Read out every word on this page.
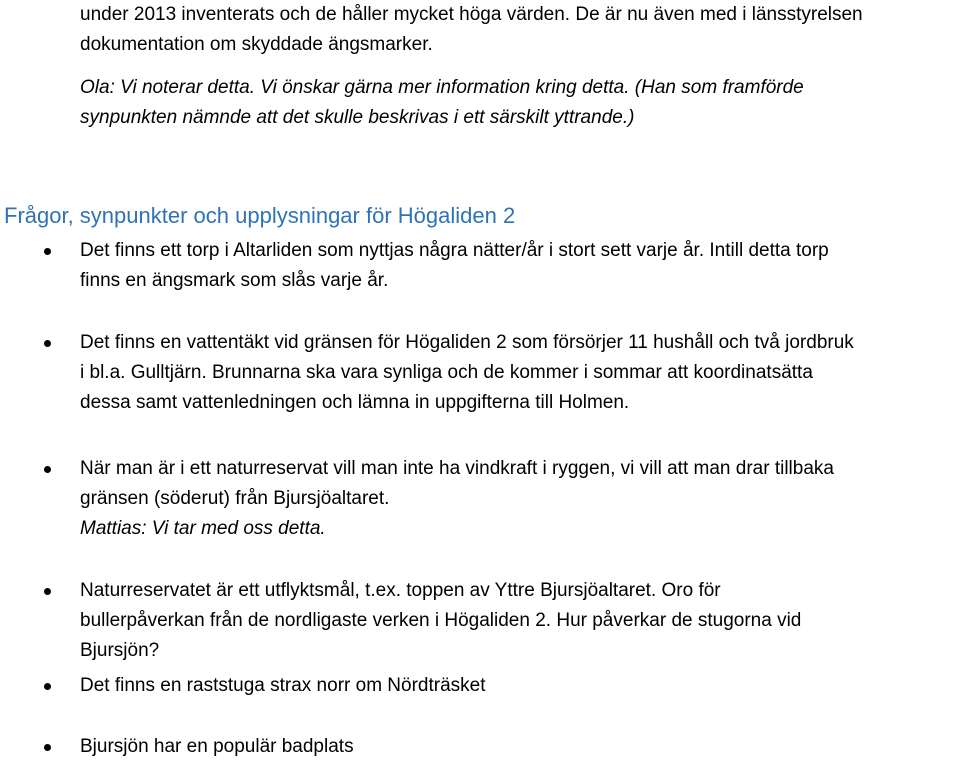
under 2013 inventerats och de håller mycket höga värden. De är nu även med i länsstyrelsen
dokumentation om skyddade ängsmarker.
Ola: Vi noterar detta. Vi önskar gärna mer information kring detta. (Han som framförde
synpunkten nämnde att det skulle beskrivas i ett särskilt yttrande.)
Frågor, synpunkter och upplysningar för Högaliden 2
Det finns ett torp i Altarliden som nyttjas några nätter/år i stort sett varje år. Intill detta torp
finns en ängsmark som slås varje år.
Det finns en vattentäkt vid gränsen för Högaliden 2 som försörjer 11 hushåll och två jordbruk
i bl.a. Gulltjärn. Brunnarna ska vara synliga och de kommer i sommar att koordinatsätta
dessa samt vattenledningen och lämna in uppgifterna till Holmen.
När man är i ett naturreservat vill man inte ha vindkraft i ryggen, vi vill att man drar tillbaka
gränsen (söderut) från Bjursjöaltaret.
Mattias: Vi tar med oss detta.
Naturreservatet är ett utflyktsmål, t.ex. toppen av Yttre Bjursjöaltaret. Oro för
bullerpåverkan från de nordligaste verken i Högaliden 2. Hur påverkar de stugorna vid
Bjursjön?
Det finns en raststuga strax norr om Nördträsket
Bjursjön har en populär badplats
